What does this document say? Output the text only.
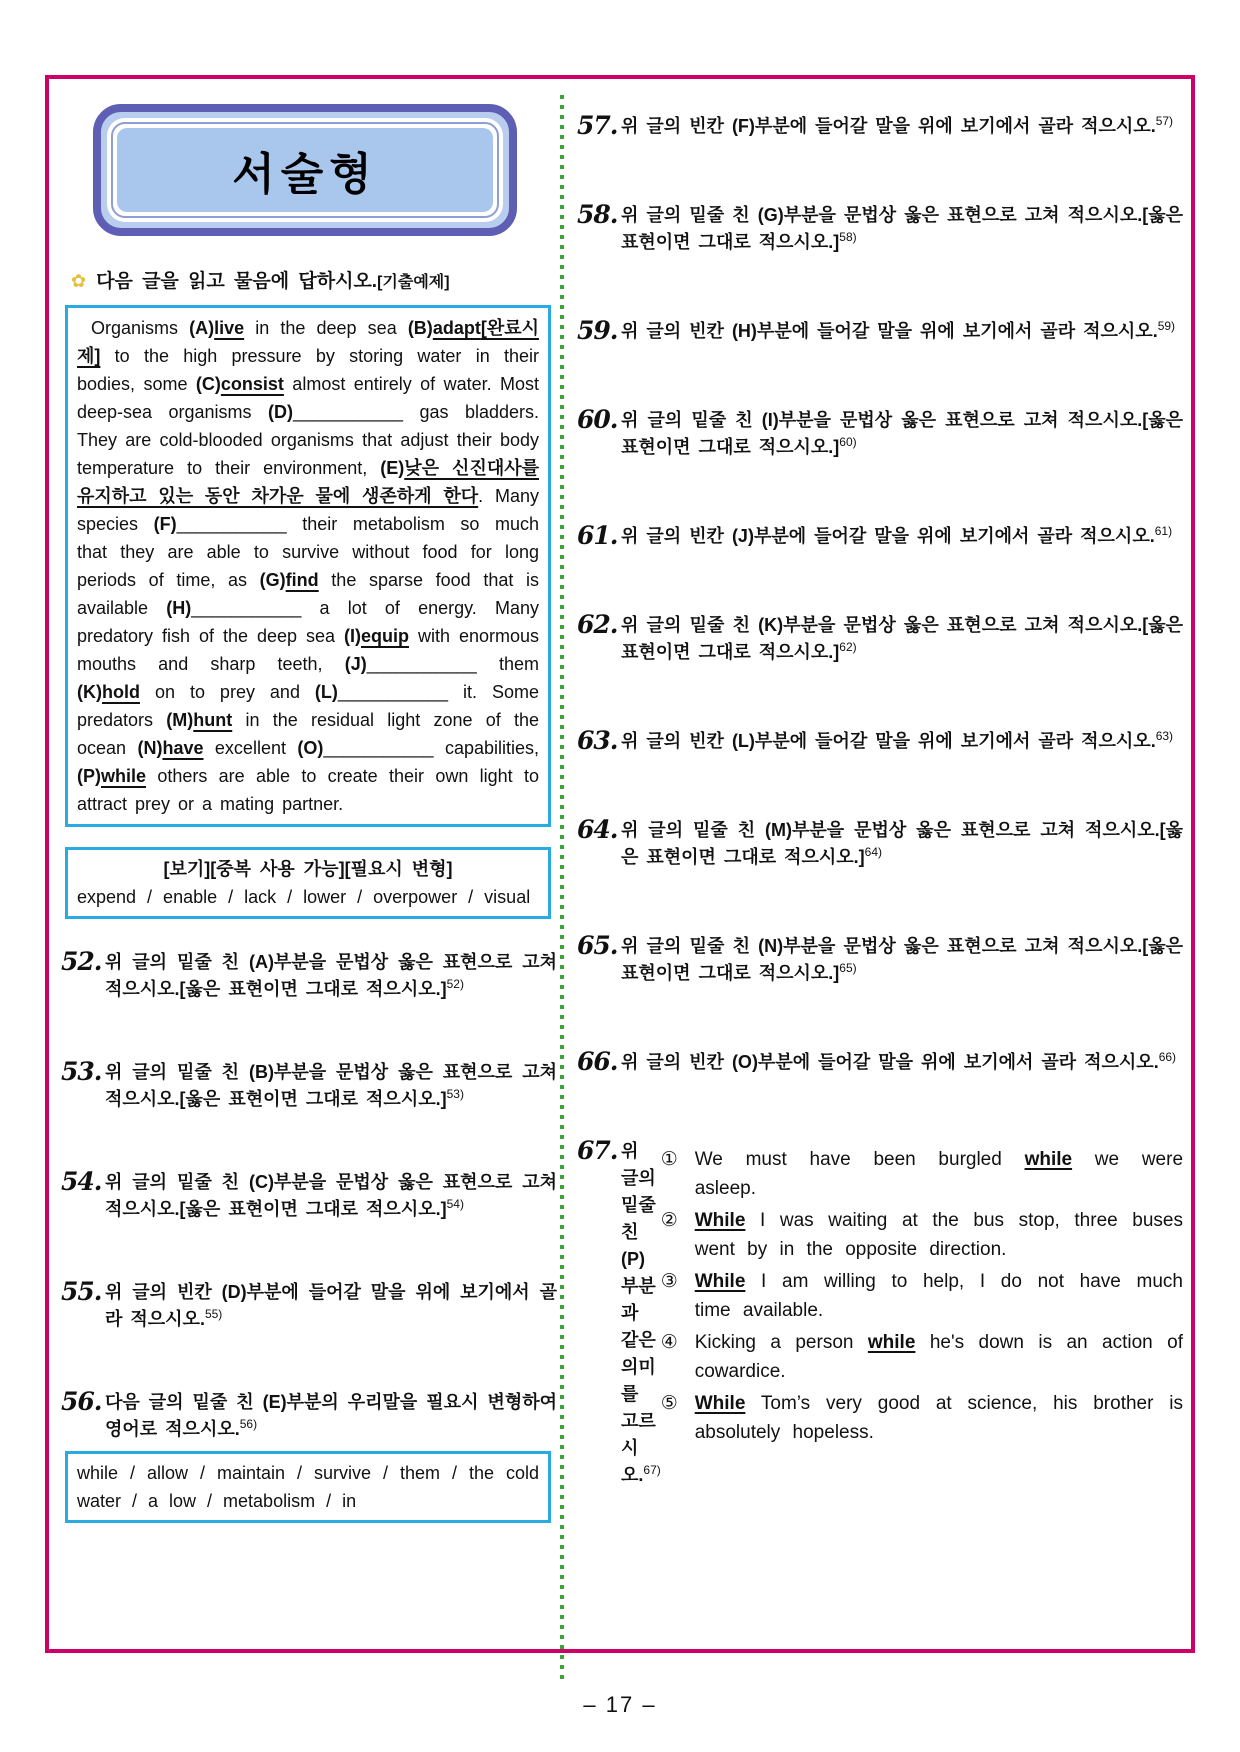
서술형
✿ 다음 글을 읽고 물음에 답하시오.[기출예제]

Organisms (A)live in the deep sea (B)adapt[완료시제] to the high pressure by storing water in their bodies, some (C)consist almost entirely of water. Most deep-sea organisms (D)___________ gas bladders. They are cold-blooded organisms that adjust their body temperature to their environment, (E)낮은 신진대사를 유지하고 있는 동안 차가운 물에 생존하게 한다. Many species (F)___________ their metabolism so much that they are able to survive without food for long periods of time, as (G)find the sparse food that is available (H)___________ a lot of energy. Many predatory fish of the deep sea (I)equip with enormous mouths and sharp teeth, (J)___________ them (K)hold on to prey and (L)___________ it. Some predators (M)hunt in the residual light zone of the ocean (N)have excellent (O)___________ capabilities, (P)while others are able to create their own light to attract prey or a mating partner.

[보기][중복 사용 가능][필요시 변형]
expend / enable / lack / lower / overpower / visual
52. 위 글의 밑줄 친 (A)부분을 문법상 옳은 표현으로 고쳐 적으시오.[옳은 표현이면 그대로 적으시오.]$^{52)}$
53. 위 글의 밑줄 친 (B)부분을 문법상 옳은 표현으로 고쳐 적으시오.[옳은 표현이면 그대로 적으시오.]$^{53)}$
54. 위 글의 밑줄 친 (C)부분을 문법상 옳은 표현으로 고쳐 적으시오.[옳은 표현이면 그대로 적으시오.]$^{54)}$
55. 위 글의 빈칸 (D)부분에 들어갈 말을 위에 보기에서 골라 적으시오.$^{55)}$
56. 다음 글의 밑줄 친 (E)부분의 우리말을 필요시 변형하여 영어로 적으시오.$^{56)}$
while / allow / maintain / survive / them / the cold water / a low / metabolism / in
57. 위 글의 빈칸 (F)부분에 들어갈 말을 위에 보기에서 골라 적으시오.$^{57)}$
58. 위 글의 밑줄 친 (G)부분을 문법상 옳은 표현으로 고쳐 적으시오.[옳은 표현이면 그대로 적으시오.]$^{58)}$
59. 위 글의 빈칸 (H)부분에 들어갈 말을 위에 보기에서 골라 적으시오.$^{59)}$
60. 위 글의 밑줄 친 (I)부분을 문법상 옳은 표현으로 고쳐 적으시오.[옳은 표현이면 그대로 적으시오.]$^{60)}$
61. 위 글의 빈칸 (J)부분에 들어갈 말을 위에 보기에서 골라 적으시오.$^{61)}$
62. 위 글의 밑줄 친 (K)부분을 문법상 옳은 표현으로 고쳐 적으시오.[옳은 표현이면 그대로 적으시오.]$^{62)}$
63. 위 글의 빈칸 (L)부분에 들어갈 말을 위에 보기에서 골라 적으시오.$^{63)}$
64. 위 글의 밑줄 친 (M)부분을 문법상 옳은 표현으로 고쳐 적으시오.[옳은 표현이면 그대로 적으시오.]$^{64)}$
65. 위 글의 밑줄 친 (N)부분을 문법상 옳은 표현으로 고쳐 적으시오.[옳은 표현이면 그대로 적으시오.]$^{65)}$
66. 위 글의 빈칸 (O)부분에 들어갈 말을 위에 보기에서 골라 적으시오.$^{66)}$
67. 위 글의 밑줄 친 (P)부분과 같은 의미를 고르시오.$^{67)}$
① We must have been burgled while we were asleep.
② While I was waiting at the bus stop, three buses went by in the opposite direction.
③ While I am willing to help, I do not have much time available.
④ Kicking a person while he's down is an action of cowardice.
⑤ While Tom’s very good at science, his brother is absolutely hopeless.
– 17 –
